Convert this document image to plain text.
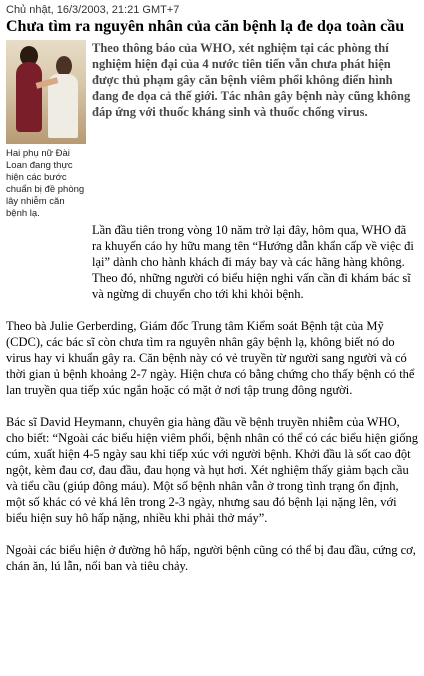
Chủ nhật, 16/3/2003, 21:21 GMT+7
Chưa tìm ra nguyên nhân của căn bệnh lạ đe dọa toàn cầu
Hai phụ nữ Đài Loan đang thực hiện các bước chuẩn bị đề phòng lây nhiễm căn bệnh lạ.
Theo thông báo của WHO, xét nghiệm tại các phòng thí nghiệm hiện đại của 4 nước tiên tiến vẫn chưa phát hiện được thủ phạm gây căn bệnh viêm phổi không điển hình đang đe dọa cả thế giới. Tác nhân gây bệnh này cũng không đáp ứng với thuốc kháng sinh và thuốc chống virus.

Lần đầu tiên trong vòng 10 năm trở lại đây, hôm qua, WHO đã ra khuyến cáo hy hữu mang tên “Hướng dẫn khẩn cấp về việc đi lại” dành cho hành khách đi máy bay và các hãng hàng không. Theo đó, những người có biểu hiện nghi vấn cần đi khám bác sĩ và ngừng di chuyển cho tới khi khỏi bệnh.

Theo bà Julie Gerberding, Giám đốc Trung tâm Kiểm soát Bệnh tật của Mỹ (CDC), các bác sĩ còn chưa tìm ra nguyên nhân gây bệnh lạ, không biết nó do virus hay vi khuẩn gây ra. Căn bệnh này có vẻ truyền từ người sang người và có thời gian ủ bệnh khoảng 2-7 ngày. Hiện chưa có bằng chứng cho thấy bệnh có thể lan truyền qua tiếp xúc ngắn hoặc có mặt ở nơi tập trung đông người.

Bác sĩ David Heymann, chuyên gia hàng đầu về bệnh truyền nhiễm của WHO, cho biết: “Ngoài các biểu hiện viêm phổi, bệnh nhân có thể có các biểu hiện giống cúm, xuất hiện 4-5 ngày sau khi tiếp xúc với người bệnh. Khởi đầu là sốt cao đột ngột, kèm đau cơ, đau đầu, đau họng và hụt hơi. Xét nghiệm thấy giảm bạch cầu và tiểu cầu (giúp đông máu). Một số bệnh nhân vẫn ở trong tình trạng ổn định, một số khác có vẻ khá lên trong 2-3 ngày, nhưng sau đó bệnh lại nặng lên, với biểu hiện suy hô hấp nặng, nhiều khi phải thở máy”.

Ngoài các biểu hiện ở đường hô hấp, người bệnh cũng có thể bị đau đầu, cứng cơ, chán ăn, lú lẫn, nổi ban và tiêu chảy.
